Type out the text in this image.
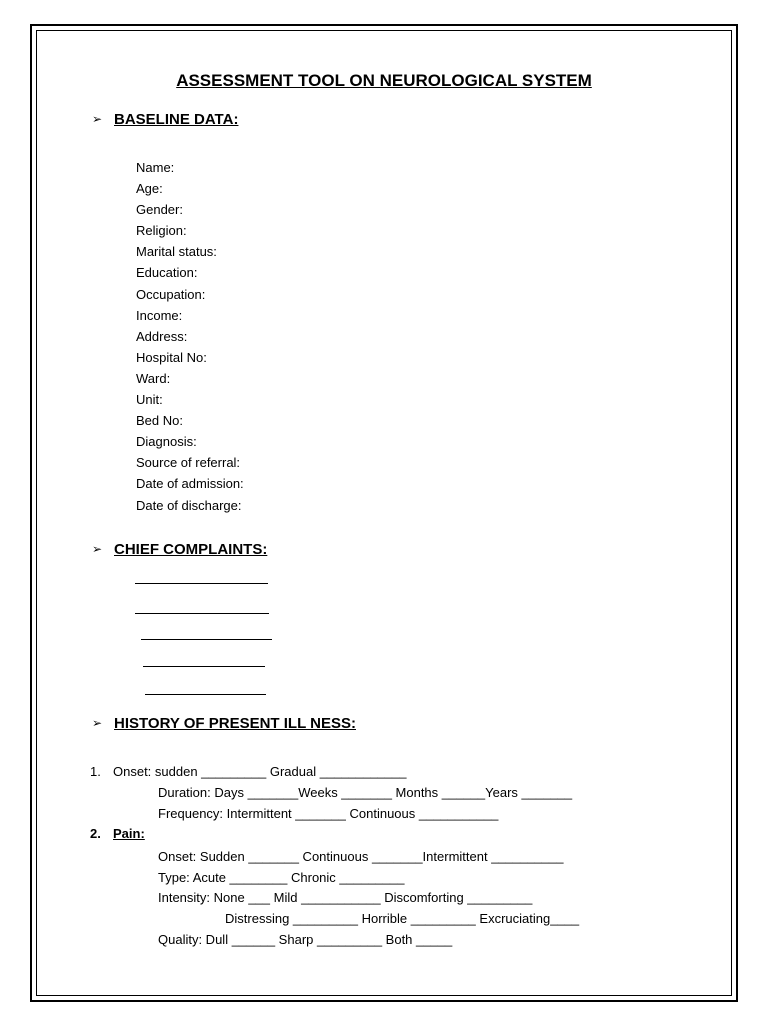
ASSESSMENT TOOL ON NEUROLOGICAL SYSTEM
➢ BASELINE DATA:
Name:
Age:
Gender:
Religion:
Marital status:
Education:
Occupation:
Income:
Address:
Hospital No:
Ward:
Unit:
Bed No:
Diagnosis:
Source of referral:
Date of admission:
Date of discharge:
➢ CHIEF COMPLAINTS:
➢ HISTORY OF PRESENT ILL NESS:
1. Onset: sudden _________ Gradual ____________
Duration: Days _______Weeks _______ Months ______Years _______
Frequency: Intermittent _______ Continuous ___________
2. Pain:
Onset: Sudden _______ Continuous _______Intermittent __________
Type: Acute ________ Chronic _________
Intensity: None ___ Mild ___________ Discomforting _________
Distressing _________ Horrible _________ Excruciating____
Quality: Dull ______ Sharp _________ Both _____
